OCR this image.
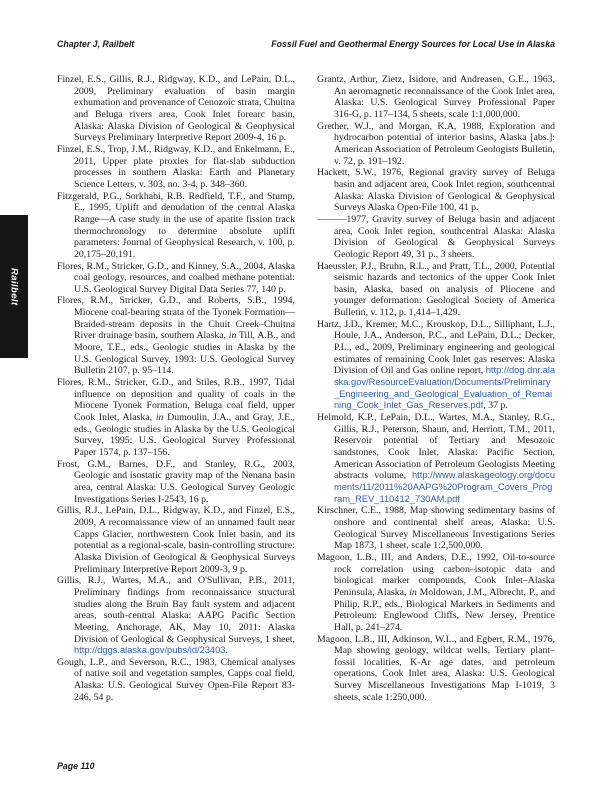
Chapter J, Railbelt	Fossil Fuel and Geothermal Energy Sources for Local Use in Alaska
Railbelt

Finzel, E.S., Gillis, R.J., Ridgway, K.D., and LePain, D.L., 2009, Preliminary evaluation of basin margin exhumation and provenance of Cenozoic strata, Chuitna and Beluga rivers area, Cook Inlet forearc basin, Alaska: Alaska Division of Geological & Geophysical Surveys Preliminary Interpretive Report 2009-4, 16 p.

Finzel, E.S., Trop, J.M., Ridgway, K.D., and Enkelmann, E., 2011, Upper plate proxies for flat-slab subduction processes in southern Alaska: Earth and Planetary Science Letters, v. 303, no. 3-4, p. 348–360.

Fitzgerald, P.G., Sorkhabi, R.B. Redfield, T.F., and Stump, E., 1995, Uplift and denudation of the central Alaska Range—A case study in the use of apatite fission track thermochronology to determine absolute uplift parameters: Journal of Geophysical Research, v. 100, p. 20,175–20,191.

Flores, R.M., Stricker, G.D., and Kinney, S.A., 2004, Alaska coal geology, resources, and coalbed methane potential: U.S. Geological Survey Digital Data Series 77, 140 p.

Flores, R.M., Stricker, G.D., and Roberts, S.B., 1994, Miocene coal-bearing strata of the Tyonek Formation—Braided-stream deposits in the Chuit Creek–Chuitna River drainage basin, southern Alaska, in Till, A.B., and Moore, T.E., eds., Geologic studies in Alaska by the U.S. Geological Survey, 1993: U.S. Geological Survey Bulletin 2107, p. 95–114.

Flores, R.M., Stricker, G.D., and Stiles, R.B., 1997, Tidal influence on deposition and quality of coals in the Miocene Tyonek Formation, Beluga coal field, upper Cook Inlet, Alaska, in Dumoulin, J.A., and Gray, J.E., eds., Geologic studies in Alaska by the U.S. Geological Survey, 1995: U.S. Geological Survey Professional Paper 1574, p. 137–156.

Frost, G.M., Barnes, D.F., and Stanley, R.G., 2003, Geologic and isostatic gravity map of the Nenana basin area, central Alaska: U.S. Geological Survey Geologic Investigations Series I-2543, 16 p.

Gillis, R.J., LePain, D.L., Ridgway, K.D., and Finzel, E.S., 2009, A reconnaissance view of an unnamed fault near Capps Glacier, northwestern Cook Inlet basin, and its potential as a regional-scale, basin-controlling structure: Alaska Division of Geological & Geophysical Surveys Preliminary Interpretive Report 2009-3, 9 p.

Gillis, R.J., Wartes, M.A., and O'Sullivan, P.B., 2011, Preliminary findings from reconnaissance structural studies along the Bruin Bay fault system and adjacent areas, south-central Alaska: AAPG Pacific Section Meeting, Anchorage, AK, May 10, 2011: Alaska Division of Geological & Geophysical Surveys, 1 sheet, http://dggs.alaska.gov/pubs/id/23403.

Gough, L.P., and Severson, R.C., 1983, Chemical analyses of native soil and vegetation samples, Capps coal field, Alaska: U.S. Geological Survey Open-File Report 83-246, 54 p.

Grantz, Arthur, Zietz, Isidore, and Andreasen, G.E., 1963, An aeromagnetic reconnaissance of the Cook Inlet area, Alaska: U.S. Geological Survey Professional Paper 316-G, p. 117–134, 5 sheets, scale 1:1,000,000.

Grether, W.J., and Morgan, K.A, 1988, Exploration and hydrocarbon potential of interior basins, Alaska [abs.]: American Association of Petroleum Geologists Bulletin, v. 72, p. 191–192.

Hackett, S.W., 1976, Regional gravity survey of Beluga basin and adjacent area, Cook Inlet region, southcentral Alaska: Alaska Division of Geological & Geophysical Surveys Alaska Open-File 100, 41 p.

———1977, Gravity survey of Beluga basin and adjacent area, Cook Inlet region, southcentral Alaska: Alaska Division of Geological & Geophysical Surveys Geologic Report 49, 31 p., 3 sheets.

Haeussler, P.J., Bruhn, R.L., and Pratt, T.L., 2000, Potential seismic hazards and tectonics of the upper Cook Inlet basin, Alaska, based on analysis of Pliocene and younger deformation: Geological Society of America Bulletin, v. 112, p. 1,414–1,429.

Hartz, J.D., Kremer, M.C., Krouskop, D.L., Silliphant, L.J., Houle, J.A., Anderson, P.C., and LePain, D.L.; Decker, P.L., ed., 2009, Preliminary engineering and geological estimates of remaining Cook Inlet gas reserves: Alaska Division of Oil and Gas online report, http://dog.dnr.alaska.gov/ResourceEvaluation/Documents/Preliminary_Engineering_and_Geological_Evaluation_of_Remaining_Cook_Inlet_Gas_Reserves.pdf, 37 p.

Helmold, K.P., LePain, D.L., Wartes, M.A., Stanley, R.G., Gillis, R.J., Peterson, Shaun, and, Herriott, T.M., 2011, Reservoir potential of Tertiary and Mesozoic sandstones, Cook Inlet, Alaska: Pacific Section, American Association of Petroleum Geologists Meeting abstracts volume, http://www.alaskageology.org/documents/11/2011%20AAPG%20Program_Covers_Program_REV_110412_730AM.pdf

Kirschner, C.E., 1988, Map showing sedimentary basins of onshore and continental shelf areas, Alaska: U.S. Geological Survey Miscellaneous Investigations Series Map 1873, 1 sheet, scale 1:2,500,000.

Magoon, L.B., III, and Anders, D.E., 1992, Oil-to-source rock correlation using carbon–isotopic data and biological marker compounds, Cook Inlet–Alaska Peninsula, Alaska, in Moldowan, J.M., Albrecht, P., and Philip, R.P., eds., Biological Markers in Sediments and Petroleum: Englewood Cliffs, New Jersey, Prentice Hall, p. 241–274.

Magoon, L.B., III, Adkinson, W.L., and Egbert, R.M., 1976, Map showing geology, wildcat wells, Tertiary plant–fossil localities, K-Ar age dates, and petroleum operations, Cook Inlet area, Alaska: U.S. Geological Survey Miscellaneous Investigations Map I-1019, 3 sheets, scale 1:250,000.

Page 110
